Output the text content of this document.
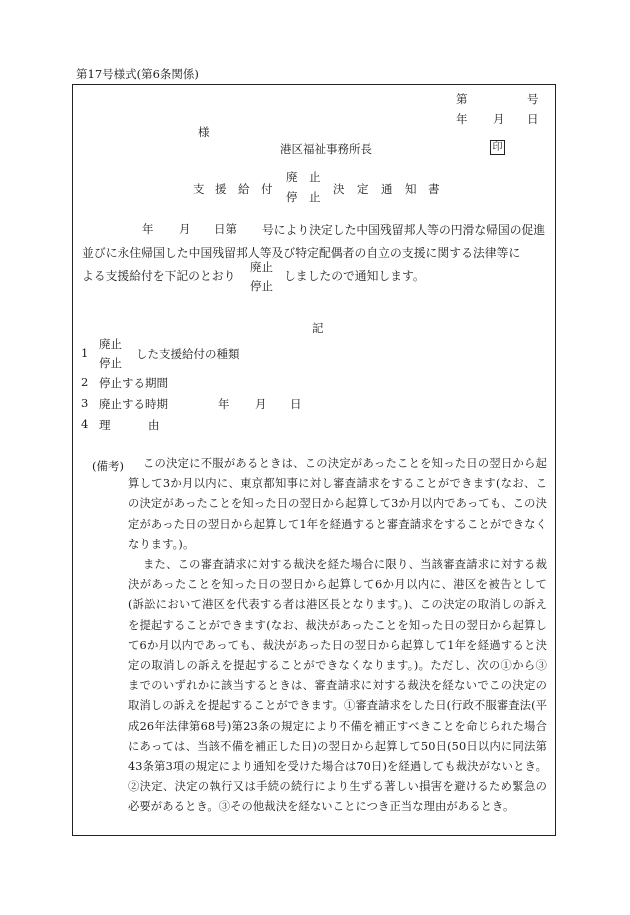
第17号様式(第6条関係)
第	号
年 月 日
様
港区福祉事務所長	印
支 援 給 付
廃　止
停　止
決 定 通 知 書
年 月 日第 号により決定した中国残留邦人等の円滑な帰国の促進
並びに永住帰国した中国残留邦人等及び特定配偶者の自立の支援に関する法律等に
よる支援給付を下記のとおり
廃止
停止
しましたので通知します。
記
1
廃止
停止
した支援給付の種類
2 停止する期間
3 廃止する時期	年 月 日
4 理	由
(備考)	この決定に不服があるときは、この決定があったことを知った日の翌日から起算して3か月以内に、東京都知事に対し審査請求をすることができます(なお、この決定があったことを知った日の翌日から起算して3か月以内であっても、この決定があった日の翌日から起算して1年を経過すると審査請求をすることができなくなります。)。

また、この審査請求に対する裁決を経た場合に限り、当該審査請求に対する裁決があったことを知った日の翌日から起算して6か月以内に、港区を被告として(訴訟において港区を代表する者は港区長となります。)、この決定の取消しの訴えを提起することができます(なお、裁決があったことを知った日の翌日から起算して6か月以内であっても、裁決があった日の翌日から起算して1年を経過すると決定の取消しの訴えを提起することができなくなります。)。ただし、次の①から③までのいずれかに該当するときは、審査請求に対する裁決を経ないでこの決定の取消しの訴えを提起することができます。①審査請求をした日(行政不服審査法(平成26年法律第68号)第23条の規定により不備を補正すべきことを命じられた場合にあっては、当該不備を補正した日)の翌日から起算して50日(50日以内に同法第43条第3項の規定により通知を受けた場合は70日)を経過しても裁決がないとき。②決定、決定の執行又は手続の続行により生ずる著しい損害を避けるため緊急の必要があるとき。③その他裁決を経ないことにつき正当な理由があるとき。
